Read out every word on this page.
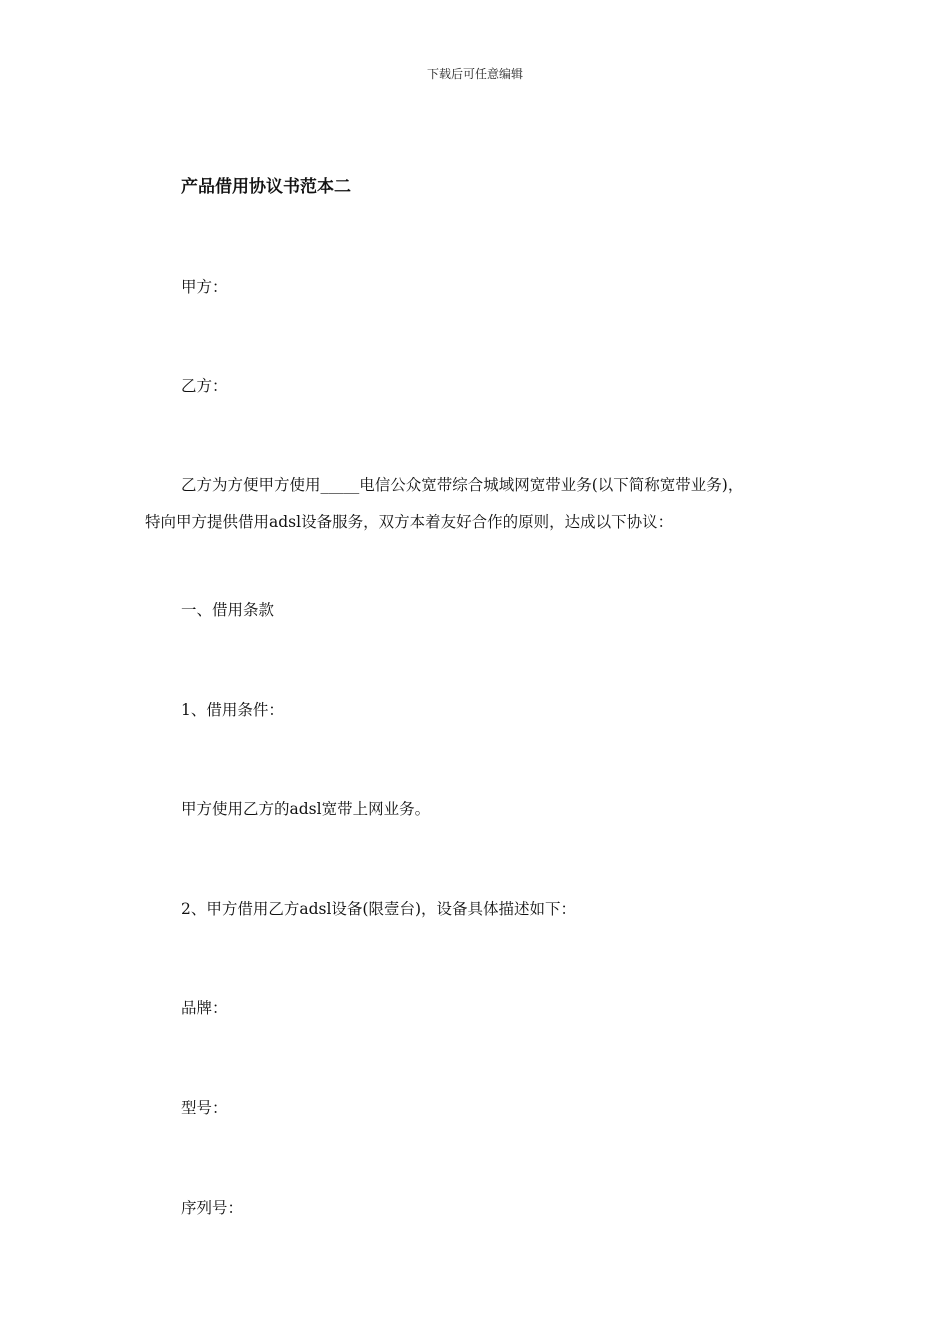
下载后可任意编辑
产品借用协议书范本二

甲方：

乙方：

乙方为方便甲方使用_____电信公众宽带综合城域网宽带业务(以下简称宽带业务)，
特向甲方提供借用adsl设备服务，双方本着友好合作的原则，达成以下协议：

一、借用条款

1、借用条件：

甲方使用乙方的adsl宽带上网业务。

2、甲方借用乙方adsl设备(限壹台)，设备具体描述如下：

品牌：

型号：

序列号：
